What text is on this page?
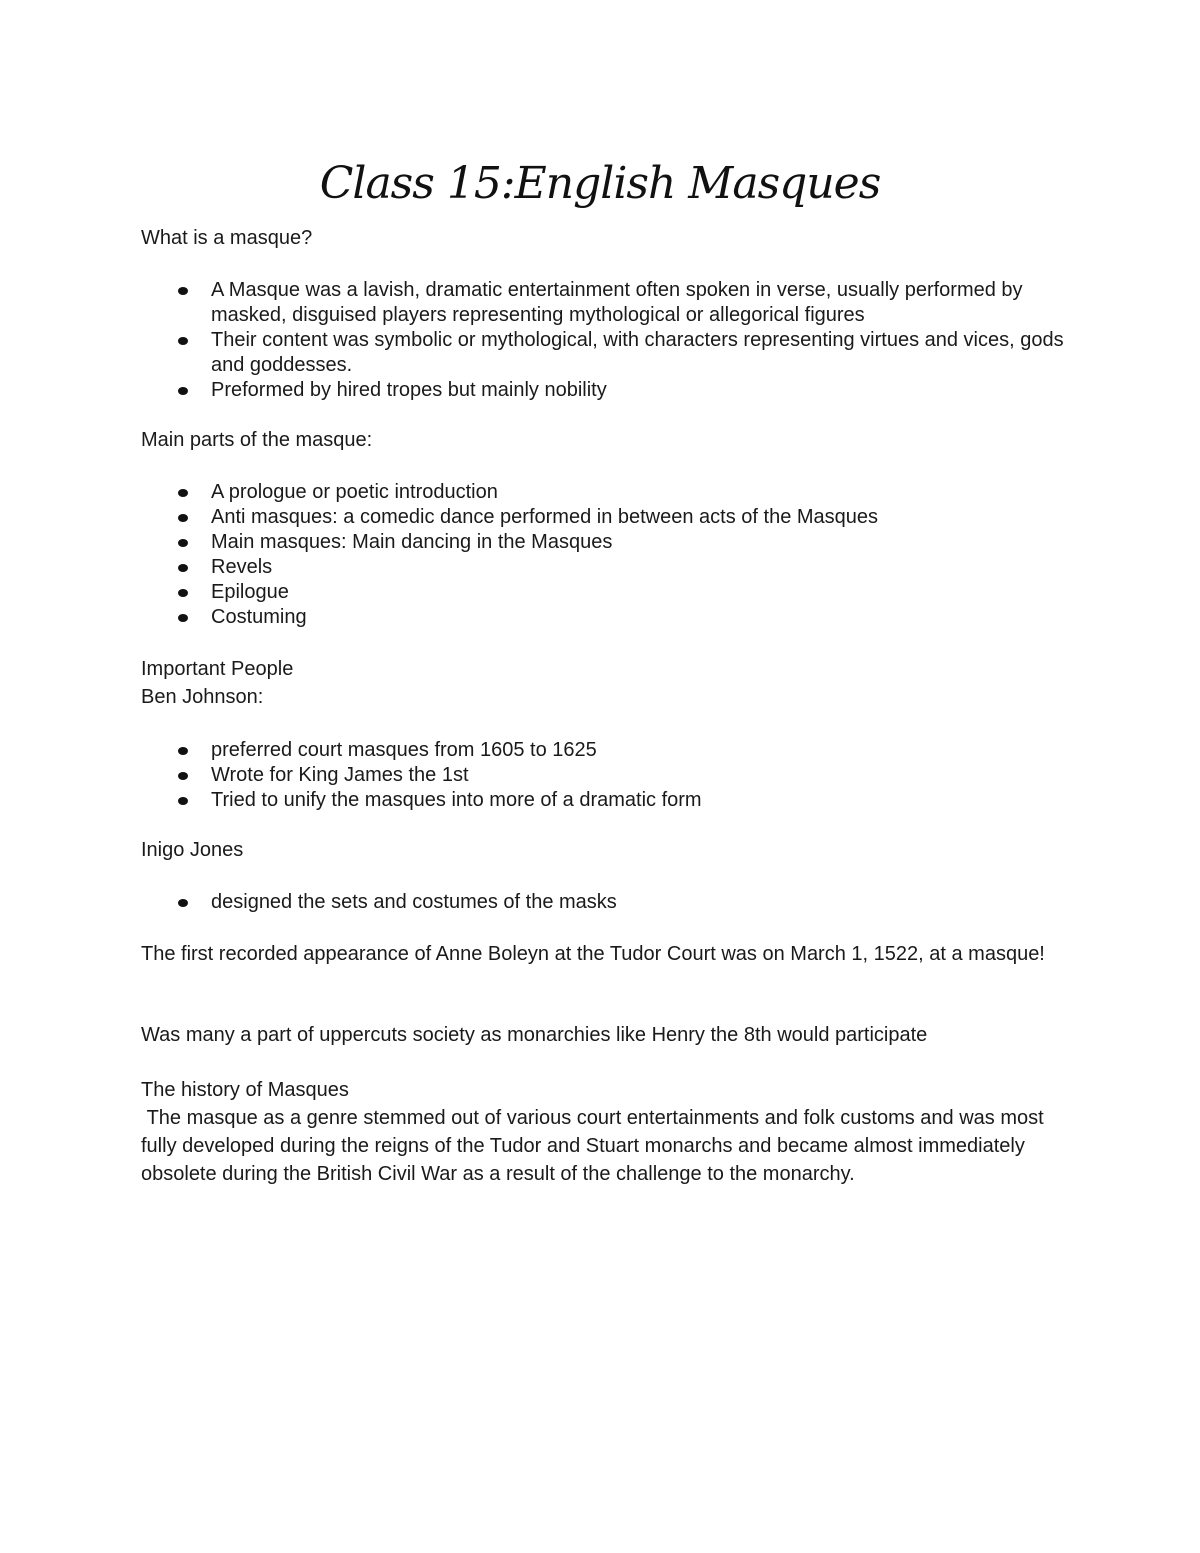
Class 15:English Masques

What is a masque?

A Masque was a lavish, dramatic entertainment often spoken in verse, usually performed by masked, disguised players representing mythological or allegorical figures
Their content was symbolic or mythological, with characters representing virtues and vices, gods and goddesses.
Preformed by hired tropes but mainly nobility

Main parts of the masque:

A prologue or poetic introduction
Anti masques: a comedic dance performed in between acts of the Masques
Main masques: Main dancing in the Masques
Revels
Epilogue
Costuming

Important People

Ben Johnson:

preferred court masques from 1605 to 1625
Wrote for King James the 1st
Tried to unify the masques into more of a dramatic form

Inigo Jones

designed the sets and costumes of the masks

The first recorded appearance of Anne Boleyn at the Tudor Court was on March 1, 1522, at a masque!

Was many a part of uppercuts society as monarchies like Henry the 8th would participate

The history of Masques

The masque as a genre stemmed out of various court entertainments and folk customs and was most fully developed during the reigns of the Tudor and Stuart monarchs and became almost immediately obsolete during the British Civil War as a result of the challenge to the monarchy.
